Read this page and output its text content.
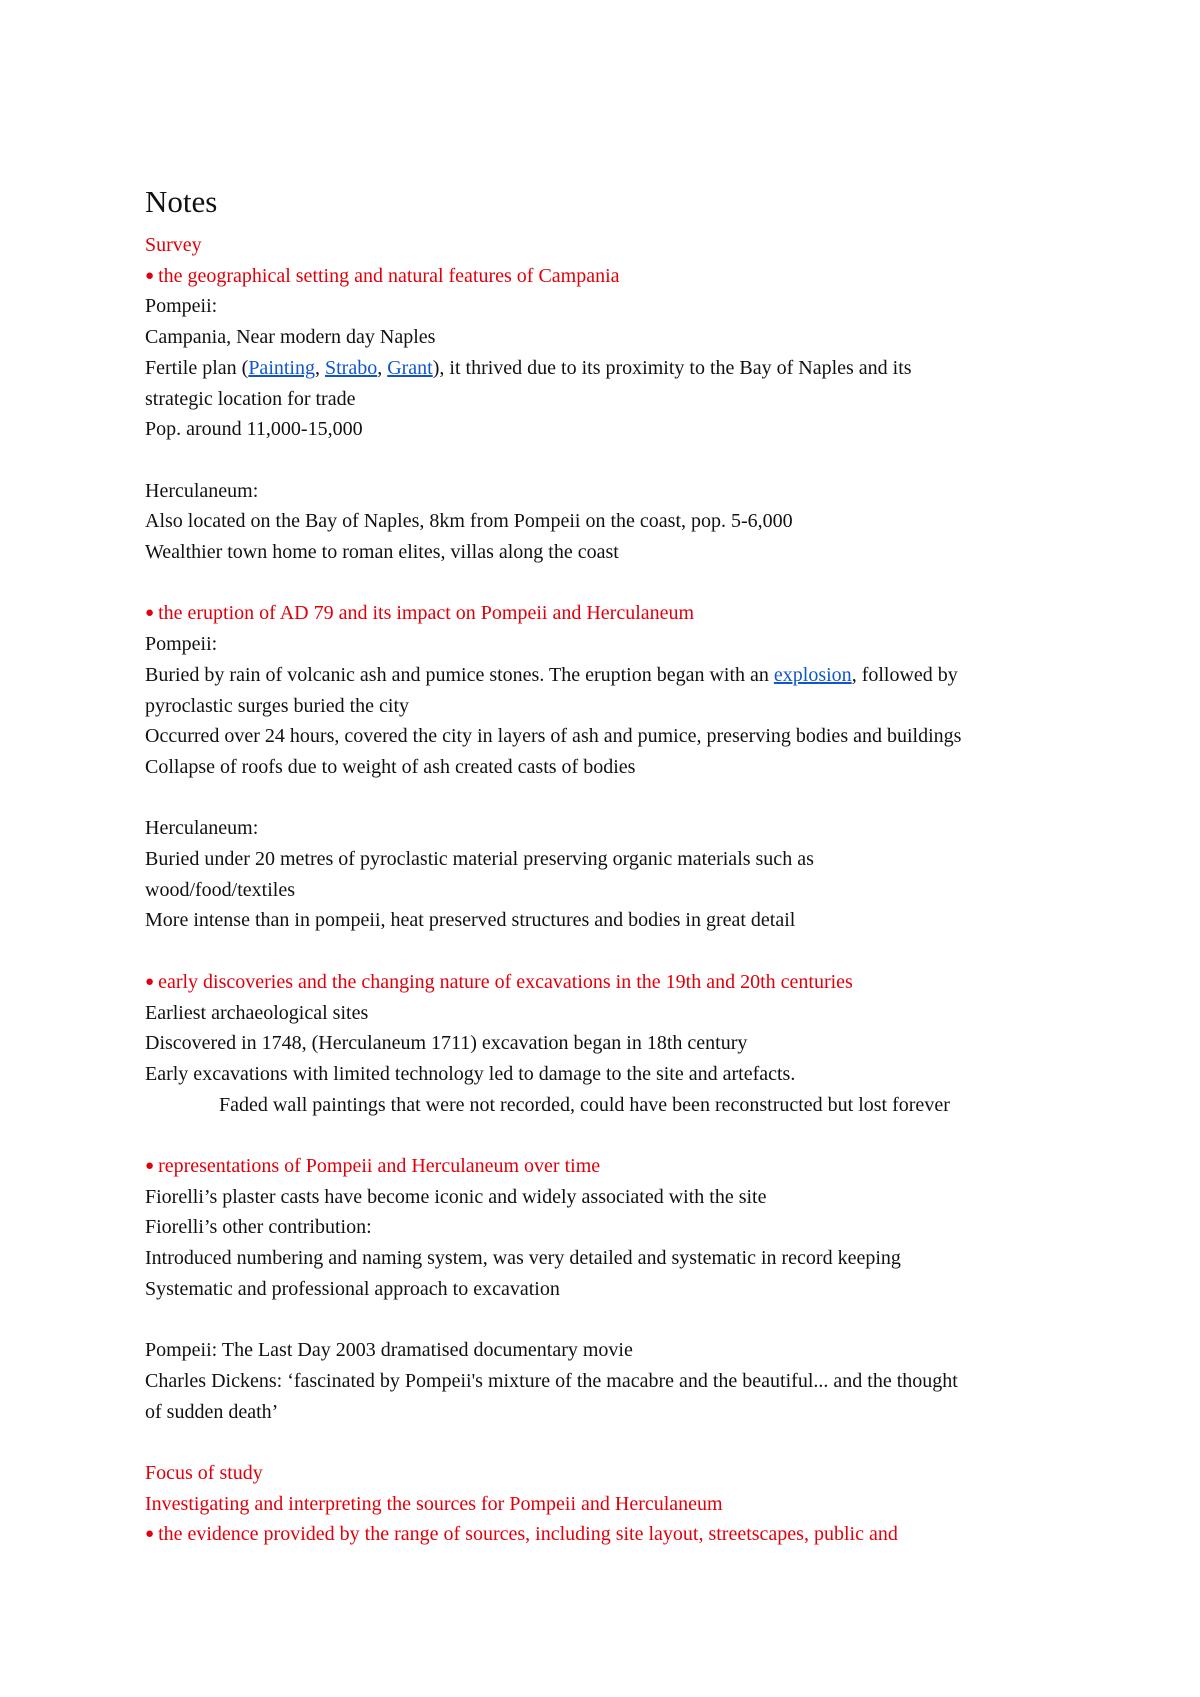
Notes
Survey
● the geographical setting and natural features of Campania
Pompeii:
Campania, Near modern day Naples
Fertile plan (Painting, Strabo, Grant), it thrived due to its proximity to the Bay of Naples and its
strategic location for trade
Pop. around 11,000-15,000
Herculaneum:
Also located on the Bay of Naples, 8km from Pompeii on the coast, pop. 5-6,000
Wealthier town home to roman elites, villas along the coast
● the eruption of AD 79 and its impact on Pompeii and Herculaneum
Pompeii:
Buried by rain of volcanic ash and pumice stones. The eruption began with an explosion, followed by
pyroclastic surges buried the city
Occurred over 24 hours, covered the city in layers of ash and pumice, preserving bodies and buildings
Collapse of roofs due to weight of ash created casts of bodies
Herculaneum:
Buried under 20 metres of pyroclastic material preserving organic materials such as
wood/food/textiles
More intense than in pompeii, heat preserved structures and bodies in great detail
● early discoveries and the changing nature of excavations in the 19th and 20th centuries
Earliest archaeological sites
Discovered in 1748, (Herculaneum 1711) excavation began in 18th century
Early excavations with limited technology led to damage to the site and artefacts.
Faded wall paintings that were not recorded, could have been reconstructed but lost forever
● representations of Pompeii and Herculaneum over time
Fiorelli’s plaster casts have become iconic and widely associated with the site
Fiorelli’s other contribution:
Introduced numbering and naming system, was very detailed and systematic in record keeping
Systematic and professional approach to excavation
Pompeii: The Last Day 2003 dramatised documentary movie
Charles Dickens: ‘fascinated by Pompeii's mixture of the macabre and the beautiful... and the thought
of sudden death’
Focus of study
Investigating and interpreting the sources for Pompeii and Herculaneum
● the evidence provided by the range of sources, including site layout, streetscapes, public and
